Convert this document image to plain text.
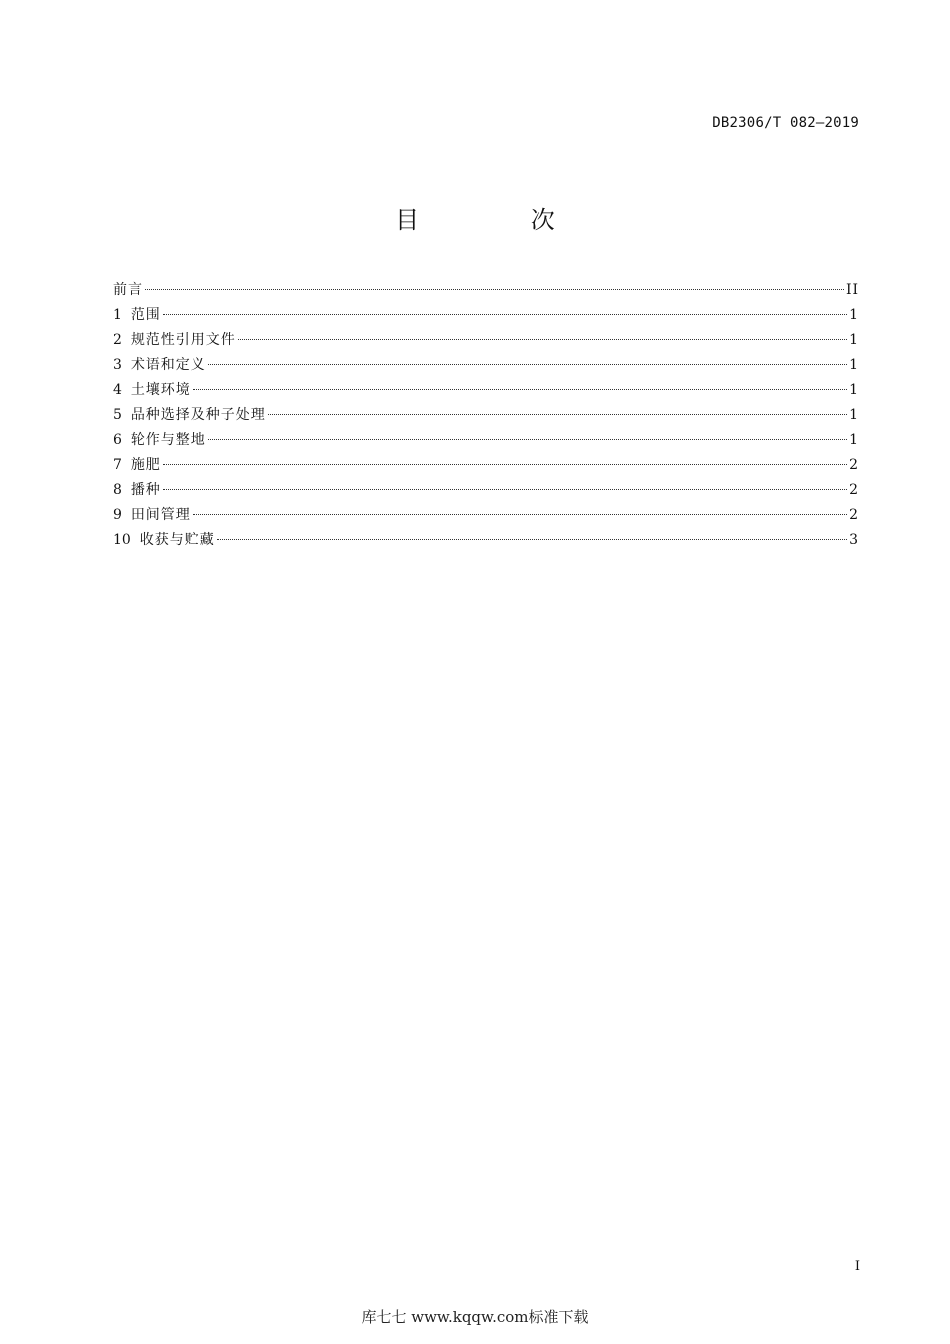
DB2306/T 082—2019
目 次
前言	II
1 范围	1
2 规范性引用文件	1
3 术语和定义	1
4 土壤环境	1
5 品种选择及种子处理	1
6 轮作与整地	1
7 施肥	2
8 播种	2
9 田间管理	2
10 收获与贮藏	3
I
库七七 www.kqqw.com标准下载
